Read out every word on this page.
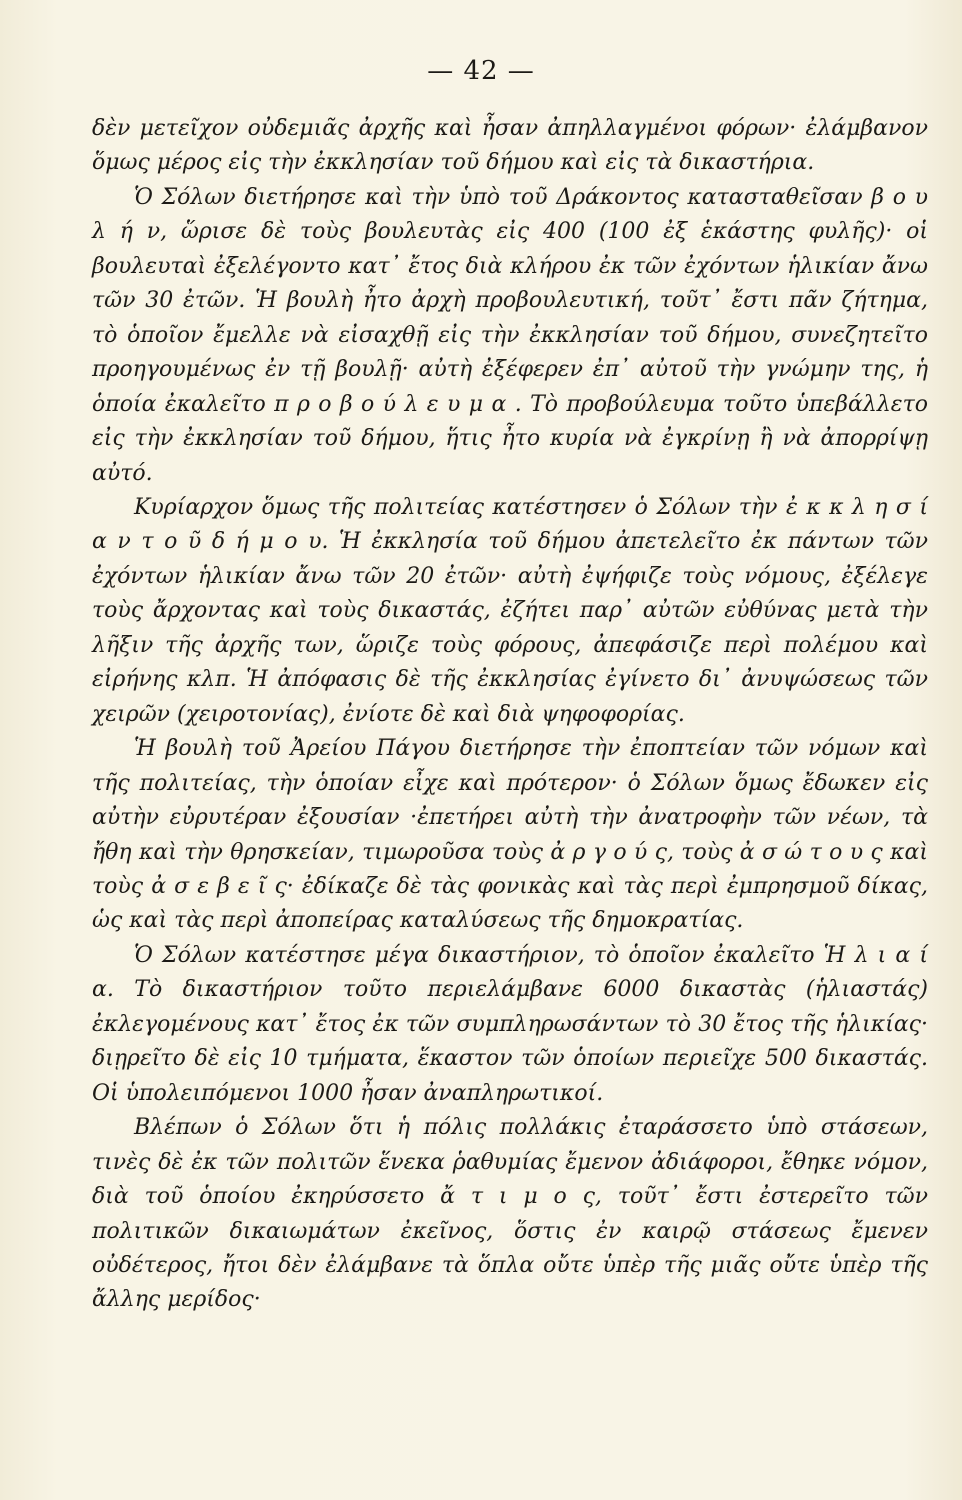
— 42 —

δὲν μετεῖχον οὐδεμιᾶς ἀρχῆς καὶ ἦσαν ἀπηλλαγμένοι φόρων· ἐλάμβανον ὅμως μέρος εἰς τὴν ἐκκλησίαν τοῦ δήμου καὶ εἰς τὰ δικαστήρια.

Ὁ Σόλων διετήρησε καὶ τὴν ὑπὸ τοῦ Δράκοντος κατασταθεῖσαν β ο υ λ ή ν, ὥρισε δὲ τοὺς βουλευτὰς εἰς 400 (100 ἐξ ἑκάστης φυλῆς)· οἱ βουλευταὶ ἐξελέγοντο κατ᾽ ἔτος διὰ κλήρου ἐκ τῶν ἐχόντων ἡλικίαν ἄνω τῶν 30 ἐτῶν. Ἡ βουλὴ ἦτο ἀρχὴ προβουλευτική, τοῦτ᾽ ἔστι πᾶν ζήτημα, τὸ ὁποῖον ἔμελλε νὰ εἰσαχθῇ εἰς τὴν ἐκκλησίαν τοῦ δήμου, συνεζητεῖτο προηγουμένως ἐν τῇ βουλῇ· αὐτὴ ἐξέφερεν ἐπ᾽ αὐτοῦ τὴν γνώμην της, ἡ ὁποία ἐκαλεῖτο π ρ ο β ο ύ λ ε υ μ α . Τὸ προβούλευμα τοῦτο ὑπεβάλλετο εἰς τὴν ἐκκλησίαν τοῦ δήμου, ἥτις ἦτο κυρία νὰ ἐγκρίνῃ ἢ νὰ ἀπορρίψῃ αὐτό.

Κυρίαρχον ὅμως τῆς πολιτείας κατέστησεν ὁ Σόλων τὴν ἐ κ κ λ η σ ί α ν τ ο ῦ δ ή μ ο υ. Ἡ ἐκκλησία τοῦ δήμου ἀπετελεῖτο ἐκ πάντων τῶν ἐχόντων ἡλικίαν ἄνω τῶν 20 ἐτῶν· αὐτὴ ἐψήφιζε τοὺς νόμους, ἐξέλεγε τοὺς ἄρχοντας καὶ τοὺς δικαστάς, ἐζήτει παρ᾽ αὐτῶν εὐθύνας μετὰ τὴν λῆξιν τῆς ἀρχῆς των, ὥριζε τοὺς φόρους, ἀπεφάσιζε περὶ πολέμου καὶ εἰρήνης κλπ. Ἡ ἀπόφασις δὲ τῆς ἐκκλησίας ἐγίνετο δι᾽ ἀνυψώσεως τῶν χειρῶν (χειροτονίας), ἐνίοτε δὲ καὶ διὰ ψηφοφορίας.

Ἡ βουλὴ τοῦ Ἀρείου Πάγου διετήρησε τὴν ἐποπτείαν τῶν νόμων καὶ τῆς πολιτείας, τὴν ὁποίαν εἶχε καὶ πρότερον· ὁ Σόλων ὅμως ἔδωκεν εἰς αὐτὴν εὐρυτέραν ἐξουσίαν ·ἐπετήρει αὐτὴ τὴν ἀνατροφὴν τῶν νέων, τὰ ἤθη καὶ τὴν θρησκείαν, τιμωροῦσα τοὺς ἀ ρ γ ο ύ ς, τοὺς ἀ σ ώ τ ο υ ς καὶ τοὺς ἀ σ ε β ε ῖ ς· ἐδίκαζε δὲ τὰς φονικὰς καὶ τὰς περὶ ἐμπρησμοῦ δίκας, ὡς καὶ τὰς περὶ ἀποπείρας καταλύσεως τῆς δημοκρατίας.

Ὁ Σόλων κατέστησε μέγα δικαστήριον, τὸ ὁποῖον ἐκαλεῖτο Ἡ λ ι α ί α. Τὸ δικαστήριον τοῦτο περιελάμβανε 6000 δικαστὰς (ἡλιαστάς) ἐκλεγομένους κατ᾽ ἔτος ἐκ τῶν συμπληρωσάντων τὸ 30 ἔτος τῆς ἡλικίας· διῃρεῖτο δὲ εἰς 10 τμήματα, ἕκαστον τῶν ὁποίων περιεῖχε 500 δικαστάς. Οἱ ὑπολειπόμενοι 1000 ἦσαν ἀναπληρωτικοί.

Βλέπων ὁ Σόλων ὅτι ἡ πόλις πολλάκις ἐταράσσετο ὑπὸ στάσεων, τινὲς δὲ ἐκ τῶν πολιτῶν ἕνεκα ῥαθυμίας ἔμενον ἀδιάφοροι, ἔθηκε νόμον, διὰ τοῦ ὁποίου ἐκηρύσσετο ἄ τ ι μ ο ς, τοῦτ᾽ ἔστι ἐστερεῖτο τῶν πολιτικῶν δικαιωμάτων ἐκεῖνος, ὅστις ἐν καιρῷ στάσεως ἔμενεν οὐδέτερος, ἤτοι δὲν ἐλάμβανε τὰ ὅπλα οὔτε ὑπὲρ τῆς μιᾶς οὔτε ὑπὲρ τῆς ἄλλης μερίδος·
